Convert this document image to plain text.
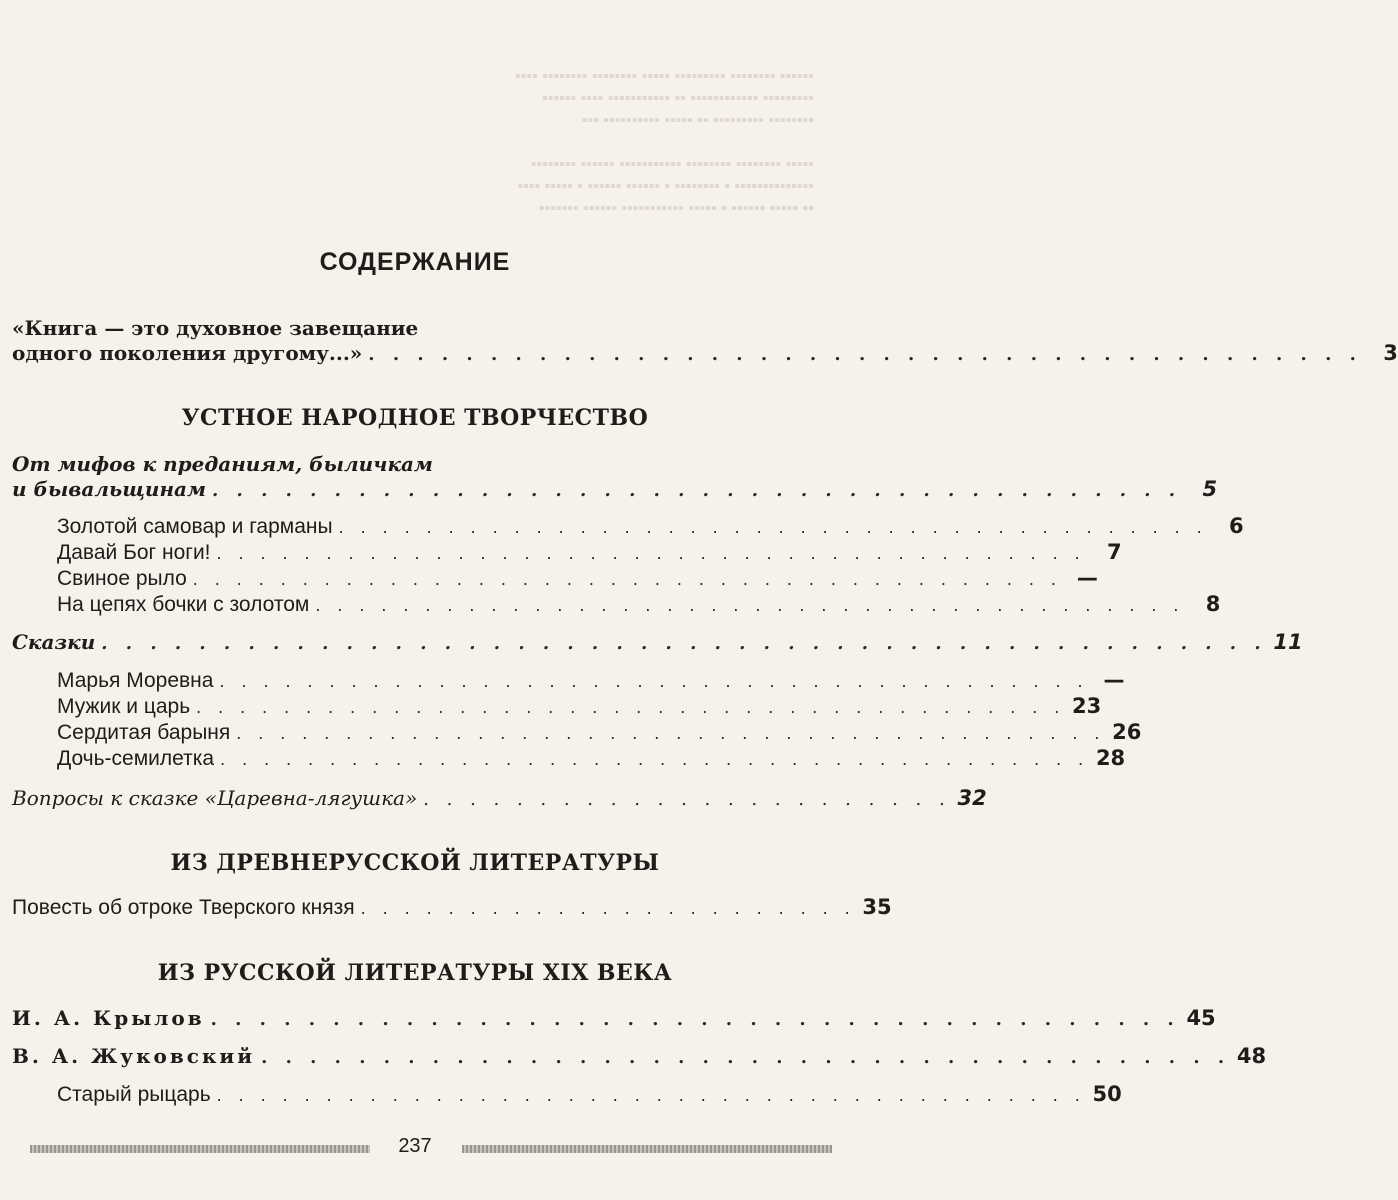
▪▪▪▪▪▪ ▪▪▪▪▪▪▪▪ ▪▪▪▪▪▪▪▪▪ ▪▪▪▪▪ ▪▪▪▪▪▪▪▪ ▪▪▪▪▪▪▪▪ ▪▪▪▪
▪▪▪▪▪▪▪▪▪ ▪▪▪▪▪▪▪▪▪▪▪▪ ▪▪ ▪▪▪▪▪▪▪▪▪▪▪ ▪▪▪▪ ▪▪▪▪▪▪
▪▪▪▪▪▪▪▪ ▪▪▪▪▪▪▪▪▪ ▪▪ ▪▪▪▪▪ ▪▪▪▪▪▪▪▪▪▪ ▪▪▪

▪▪▪▪▪ ▪▪▪▪▪▪▪▪ ▪▪▪▪▪▪▪▪ ▪▪▪▪▪▪▪▪▪▪▪ ▪▪▪▪▪▪ ▪▪▪▪▪▪▪▪
▪▪▪▪▪▪▪▪▪▪▪▪▪▪ ▪ ▪▪▪▪▪▪▪▪ ▪ ▪▪▪▪▪▪ ▪▪▪▪▪▪ ▪ ▪▪▪▪▪ ▪▪▪▪
▪▪ ▪▪▪▪▪ ▪▪▪▪▪▪ ▪ ▪▪▪▪▪ ▪▪▪▪▪▪▪▪▪▪▪ ▪▪▪▪▪▪ ▪▪▪▪▪▪▪
СОДЕРЖАНИЕ
«Книга — это духовное завещание
одного поколения другому...» . . . . . . . . . . . . . . . . . . . . . . . . . . . . . . . . . . . . . . . . .	3
УСТНОЕ НАРОДНОЕ ТВОРЧЕСТВО
От мифов к преданиям, быличкам
и бывальщинам . . . . . . . . . . . . . . . . . . . . . . . . . . . . . . . . . . . . . . . .	5
Золотой самовар и гарманы . . . . . . . . . . . . . . . . . . . . . . . . . . . . . . . . . . . . . . . .	6
Давай Бог ноги! . . . . . . . . . . . . . . . . . . . . . . . . . . . . . . . . . . . . . . . .	7
Свиное рыло . . . . . . . . . . . . . . . . . . . . . . . . . . . . . . . . . . . . . . . . —
На цепях бочки с золотом . . . . . . . . . . . . . . . . . . . . . . . . . . . . . . . . . . . . . . . .	8
Сказки . . . . . . . . . . . . . . . . . . . . . . . . . . . . . . . . . . . . . . . . . . . . . . . . 11
Марья Моревна . . . . . . . . . . . . . . . . . . . . . . . . . . . . . . . . . . . . . . . . —
Мужик и царь . . . . . . . . . . . . . . . . . . . . . . . . . . . . . . . . . . . . . . . . 23
Сердитая барыня . . . . . . . . . . . . . . . . . . . . . . . . . . . . . . . . . . . . . . . . 26
Дочь-семилетка . . . . . . . . . . . . . . . . . . . . . . . . . . . . . . . . . . . . . . . . 28
Вопросы к сказке «Царевна-лягушка» . . . . . . . . . . . . . . . . . . . . . . . 32
ИЗ ДРЕВНЕРУССКОЙ ЛИТЕРАТУРЫ
Повесть об отроке Тверского князя . . . . . . . . . . . . . . . . . . . . . . . 35
ИЗ РУССКОЙ ЛИТЕРАТУРЫ XIX ВЕКА
И. А. Крылов . . . . . . . . . . . . . . . . . . . . . . . . . . . . . . . . . . . . . . . . 45
В. А. Жуковский . . . . . . . . . . . . . . . . . . . . . . . . . . . . . . . . . . . . . . . . 48
Старый рыцарь . . . . . . . . . . . . . . . . . . . . . . . . . . . . . . . . . . . . . . . . 50
237
